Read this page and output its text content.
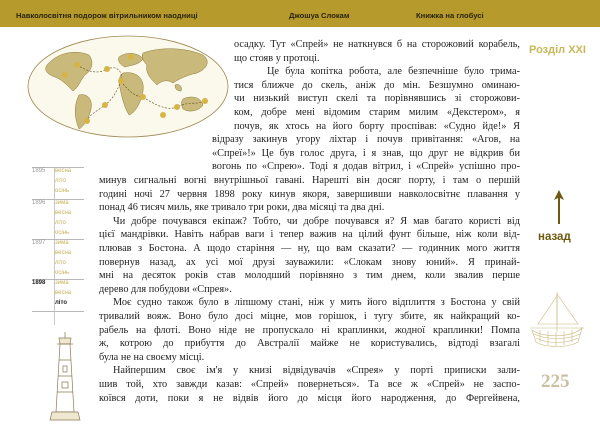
Навколосвітня подорож вітрильником наодниці	Джошуа Слокам	Книжка на глобусі

осадку. Тут «Спрей» не наткнувся б на сторожовий корабель,

що стояв у протоці.
Це була копітка робота, але безпечніше було трима-
тися ближче до скель, аніж до мін. Безшумно оминаю-
чи низький виступ скелі та порівнявшись зі сторожови-
ком, добре мені відомим старим милим «Декстером», я
почув, як хтось на його борту проспівав: «Судно йде!» Я
відразу закинув угору ліхтар і почув привітання: «Агов, на
«Спреї»!» Це був голос друга, і я знав, що друг не відкрив би
вогонь по «Спрею». Тоді я додав вітрил, і «Спрей» успішно про-
минув сигнальні вогні внутрішньої гавані. Нарешті він досяг порту, і там о першій
годині ночі 27 червня 1898 року кинув якоря, завершивши навколосвітнє плавання у
понад 46 тисяч миль, яке тривало три роки, два місяці та два дні.
Чи добре почувався екіпаж? Тобто, чи добре почувався я? Я мав багато користі від
цієї мандрівки. Навіть набрав ваги і тепер важив на цілий фунт більше, ніж коли від-
плював з Бостона. А щодо старіння — ну, що вам сказати? — годинник мого життя
повернув назад, ах усі мої друзі зауважили: «Слокам знову юний». Я принай-
мні на десяток років став молодший порівняно з тим днем, коли звалив перше
дерево для побудови «Спрея».
Моє судно також було в ліпшому стані, ніж у мить його відплиття з Бостона у свій
тривалий вояж. Воно було досі міцне, мов горішок, і тугу збите, як найкращий ко-
рабель на флоті. Воно ніде не пропускало ні краплинки, жодної краплинки! Помпа
ж, котрою до прибуття до Австралії майже не користувались, відтоді взагалі
була не на своєму місці.
Найпершим своє ім'я у книзі відвідувачів «Спрея» у порті приписки зали-
шив той, хто завжди казав: «Спрей» повернеться». Та все ж «Спрей» не заспо-
коївся доти, поки я не відвів його до місця його народження, до Фергейвена,
1895	весна
літо
осінь
1896	зима
весна
літо
осінь
1897	зима
весна
літо
осінь
1898	зима
весна
літо
Розділ XXI
назад
225
